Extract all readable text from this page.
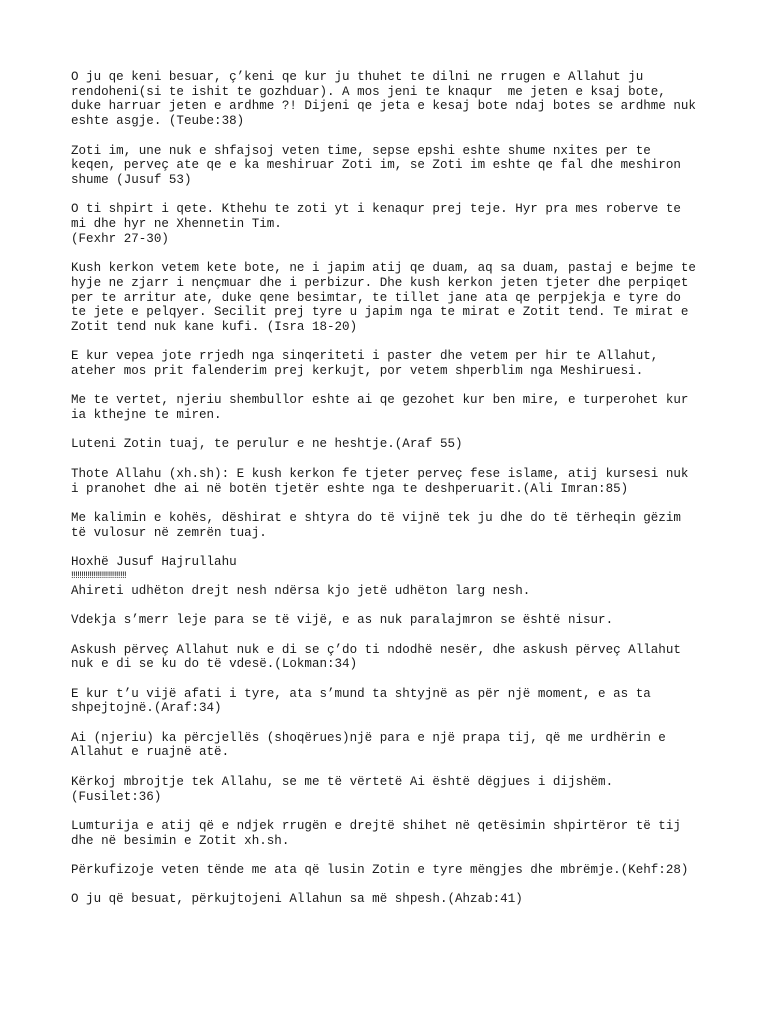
O ju qe keni besuar, ç’keni qe kur ju thuhet te dilni ne rrugen e Allahut ju
rendoheni(si te ishit te gozhduar). A mos jeni te knaqur  me jeten e ksaj bote,
duke harruar jeten e ardhme ?! Dijeni qe jeta e kesaj bote ndaj botes se ardhme nuk
eshte asgje. (Teube:38)
Zoti im, une nuk e shfajsoj veten time, sepse epshi eshte shume nxites per te
keqen, perveç ate qe e ka meshiruar Zoti im, se Zoti im eshte qe fal dhe meshiron
shume (Jusuf 53)
O ti shpirt i qete. Kthehu te zoti yt i kenaqur prej teje. Hyr pra mes roberve te
mi dhe hyr ne Xhennetin Tim.
(Fexhr 27-30)
Kush kerkon vetem kete bote, ne i japim atij qe duam, aq sa duam, pastaj e bejme te
hyje ne zjarr i nençmuar dhe i perbizur. Dhe kush kerkon jeten tjeter dhe perpiqet
per te arritur ate, duke qene besimtar, te tillet jane ata qe perpjekja e tyre do
te jete e pelqyer. Secilit prej tyre u japim nga te mirat e Zotit tend. Te mirat e
Zotit tend nuk kane kufi. (Isra 18-20)
E kur vepea jote rrjedh nga sinqeriteti i paster dhe vetem per hir te Allahut,
ateher mos prit falenderim prej kerkujt, por vetem shperblim nga Meshiruesi.
Me te vertet, njeriu shembullor eshte ai qe gezohet kur ben mire, e turperohet kur
ia kthejne te miren.
Luteni Zotin tuaj, te perulur e ne heshtje.(Araf 55)
Thote Allahu (xh.sh): E kush kerkon fe tjeter perveç fese islame, atij kursesi nuk
i pranohet dhe ai në botën tjetër eshte nga te deshperuarit.(Ali Imran:85)
Me kalimin e kohës, dëshirat e shtyra do të vijnë tek ju dhe do të tërheqin gëzim
të vulosur në zemrën tuaj.
Hoxhë Jusuf Hajrullahu
!!!!!!!!!!!!!!!!!!!!!!!!!!!
Ahireti udhëton drejt nesh ndërsa kjo jetë udhëton larg nesh.
Vdekja s’merr leje para se të vijë, e as nuk paralajmron se është nisur.
Askush përveç Allahut nuk e di se ç’do ti ndodhë nesër, dhe askush përveç Allahut
nuk e di se ku do të vdesë.(Lokman:34)
E kur t’u vijë afati i tyre, ata s’mund ta shtyjnë as për një moment, e as ta
shpejtojnë.(Araf:34)
Ai (njeriu) ka përcjellës (shoqërues)një para e një prapa tij, që me urdhërin e
Allahut e ruajnë atë.
Kërkoj mbrojtje tek Allahu, se me të vërtetë Ai është dëgjues i dijshëm.
(Fusilet:36)
Lumturija e atij që e ndjek rrugën e drejtë shihet në qetësimin shpirtëror të tij
dhe në besimin e Zotit xh.sh.
Përkufizoje veten tënde me ata që lusin Zotin e tyre mëngjes dhe mbrëmje.(Kehf:28)
O ju që besuat, përkujtojeni Allahun sa më shpesh.(Ahzab:41)
